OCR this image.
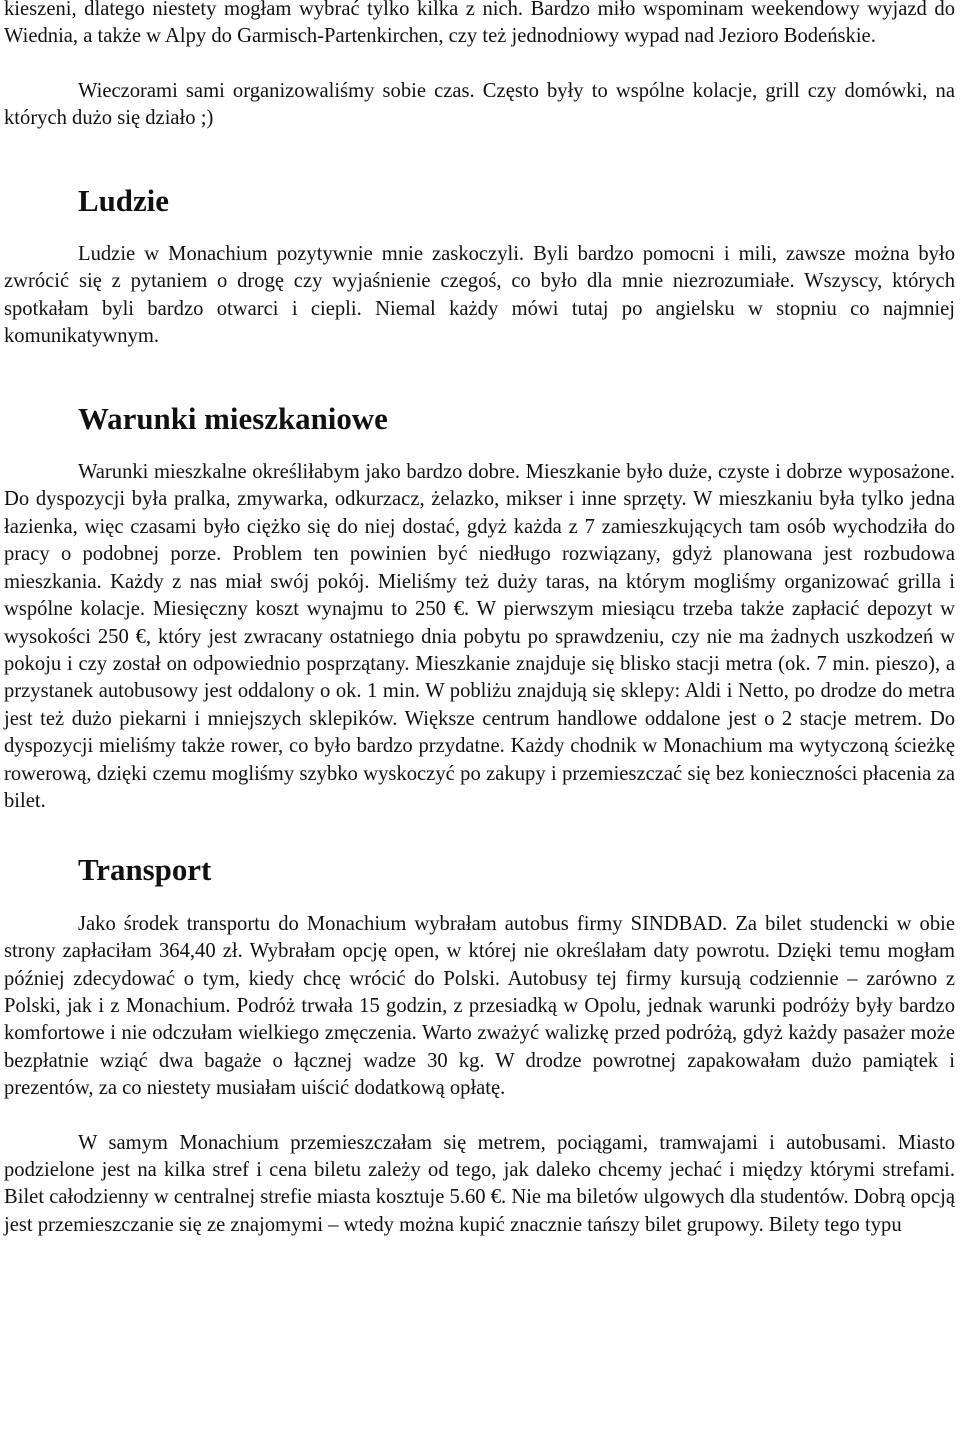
kieszeni, dlatego niestety mogłam wybrać tylko kilka z nich. Bardzo miło wspominam weekendowy wyjazd do Wiednia, a także w Alpy do Garmisch-Partenkirchen, czy też jednodniowy wypad nad Jezioro Bodeńskie.

Wieczorami sami organizowaliśmy sobie czas. Często były to wspólne kolacje, grill czy domówki, na których dużo się działo ;)

Ludzie

Ludzie w Monachium pozytywnie mnie zaskoczyli. Byli bardzo pomocni i mili, zawsze można było zwrócić się z pytaniem o drogę czy wyjaśnienie czegoś, co było dla mnie niezrozumiałe. Wszyscy, których spotkałam byli bardzo otwarci i cieplі. Niemal każdy mówi tutaj po angielsku w stopniu co najmniej komunikatywnym.

Warunki mieszkaniowe

Warunki mieszkalne określiłabym jako bardzo dobre. Mieszkanie było duże, czyste i dobrze wyposażone. Do dyspozycji była pralka, zmywarka, odkurzacz, żelazko, mikser i inne sprzęty. W mieszkaniu była tylko jedna łazienka, więc czasami było ciężko się do niej dostać, gdyż każda z 7 zamieszkujących tam osób wychodziła do pracy o podobnej porze. Problem ten powinien być niedługo rozwiązany, gdyż planowana jest rozbudowa mieszkania. Każdy z nas miał swój pokój. Mieliśmy też duży taras, na którym mogliśmy organizować grilla i wspólne kolacje. Miesięczny koszt wynajmu to 250 €. W pierwszym miesiącu trzeba także zapłacić depozyt w wysokości 250 €, który jest zwracany ostatniego dnia pobytu po sprawdzeniu, czy nie ma żadnych uszkodzeń w pokoju i czy został on odpowiednio posprzątany. Mieszkanie znajduje się blisko stacji metra (ok. 7 min. pieszo), a przystanek autobusowy jest oddalony o ok. 1 min. W pobliżu znajdują się sklepy: Aldi i Netto, po drodze do metra jest też dużo piekarni i mniejszych sklepików. Większe centrum handlowe oddalone jest o 2 stacje metrem. Do dyspozycji mieliśmy także rower, co było bardzo przydatne. Każdy chodnik w Monachium ma wytyczoną ścieżkę rowerową, dzięki czemu mogliśmy szybko wyskoczyć po zakupy i przemieszczać się bez konieczności płacenia za bilet.

Transport

Jako środek transportu do Monachium wybrałam autobus firmy SINDBAD. Za bilet studencki w obie strony zapłaciłam 364,40 zł. Wybrałam opcję open, w której nie określałam daty powrotu. Dzięki temu mogłam później zdecydować o tym, kiedy chcę wrócić do Polski. Autobusy tej firmy kursują codziennie – zarówno z Polski, jak i z Monachium. Podróż trwała 15 godzin, z przesiadką w Opolu, jednak warunki podróży były bardzo komfortowe i nie odczułam wielkiego zmęczenia. Warto zważyć walizkę przed podróżą, gdyż każdy pasażer może bezpłatnie wziąć dwa bagaże o łącznej wadze 30 kg. W drodze powrotnej zapakowałam dużo pamiątek i prezentów, za co niestety musiałam uiścić dodatkową opłatę.

W samym Monachium przemieszczałam się metrem, pociągami, tramwajami i autobusami. Miasto podzielone jest na kilka stref i cena biletu zależy od tego, jak daleko chcemy jechać i między którymi strefami. Bilet całodzienny w centralnej strefie miasta kosztuje 5.60 €. Nie ma biletów ulgowych dla studentów. Dobrą opcją jest przemieszczanie się ze znajomymi – wtedy można kupić znacznie tańszy bilet grupowy. Bilety tego typu
